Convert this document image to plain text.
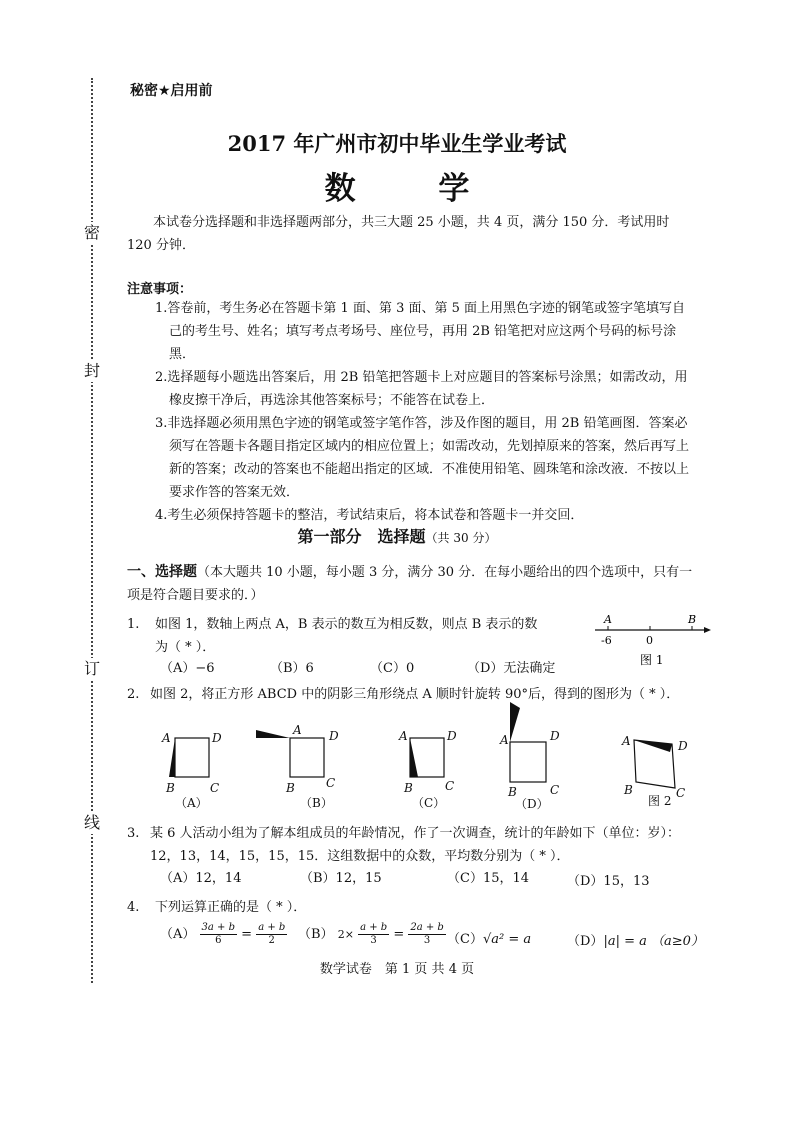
密
封
订
线
秘密★启用前
2017 年广州市初中毕业生学业考试
数 学
本试卷分选择题和非选择题两部分，共三大题 25 小题，共 4 页，满分 150 分．考试用时 120 分钟．
注意事项：
1.答卷前，考生务必在答题卡第 1 面、第 3 面、第 5 面上用黑色字迹的钢笔或签字笔填写自己的考生号、姓名；填写考点考场号、座位号，再用 2B 铅笔把对应这两个号码的标号涂黑．
2.选择题每小题选出答案后，用 2B 铅笔把答题卡上对应题目的答案标号涂黑；如需改动，用橡皮擦干净后，再选涂其他答案标号；不能答在试卷上．
3.非选择题必须用黑色字迹的钢笔或签字笔作答，涉及作图的题目，用 2B 铅笔画图．答案必须写在答题卡各题目指定区域内的相应位置上；如需改动，先划掉原来的答案，然后再写上新的答案；改动的答案也不能超出指定的区域．不准使用铅笔、圆珠笔和涂改液．不按以上要求作答的答案无效．
4.考生必须保持答题卡的整洁，考试结束后，将本试卷和答题卡一并交回．
第一部分　选择题（共 30 分）
一、选择题（本大题共 10 小题，每小题 3 分，满分 30 分．在每小题给出的四个选项中，只有一项是符合题目要求的．）
1. 如图 1，数轴上两点 A，B 表示的数互为相反数，则点 B 表示的数为（ * ）．
（A）−6	（B）6	（C）0	（D）无法确定
A	B
-6	0
图 1
2. 如图 2，将正方形 ABCD 中的阴影三角形绕点 A 顺时针旋转 90°后，得到的图形为（ * ）．
A	D
B	C
（A）
A D
B	C
（B）
A	D
B	C
（C）
A	D
B	C
（D）
A	D
B	C
图 2
3. 某 6 人活动小组为了解本组成员的年龄情况，作了一次调查，统计的年龄如下（单位：岁）：12，13，14，15，15，15．这组数据中的众数，平均数分别为（ * ）．
（A）12，14	（B）12，15	（C）15，14	（D）15，13
4. 下列运算正确的是（ * ）．
$(A) \frac{3a + b}{6} = \frac{a + b}{2} (B)$ $2\times \frac{a + b}{3} = \frac{2a + b}{3} (C)√a^2 = a$	（D）|a| = a （a≥0）
数学试卷　第 1 页 共 4 页
